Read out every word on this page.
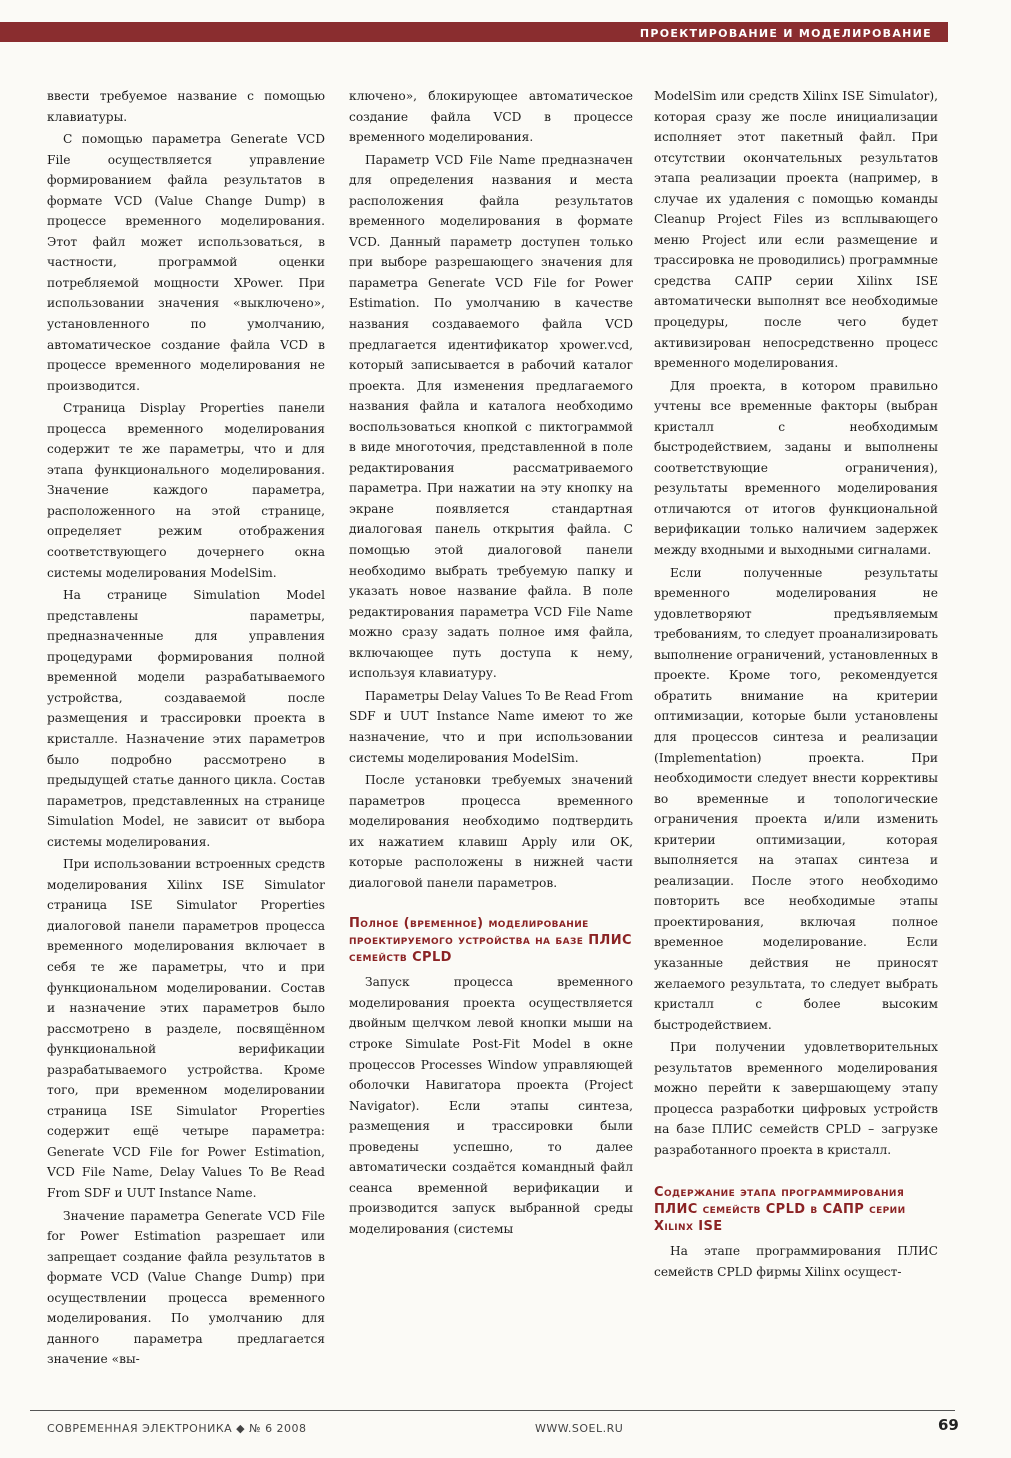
ПРОЕКТИРОВАНИЕ И МОДЕЛИРОВАНИЕ

ввести требуемое название с помощью клавиатуры.

С помощью параметра Generate VCD File осуществляется управление формированием файла результатов в формате VCD (Value Change Dump) в процессе временного моделирования. Этот файл может использоваться, в частности, программой оценки потребляемой мощности XPower. При использовании значения «выключено», установленного по умолчанию, автоматическое создание файла VCD в процессе временного моделирования не производится.

Страница Display Properties панели процесса временного моделирования содержит те же параметры, что и для этапа функционального моделирования. Значение каждого параметра, расположенного на этой странице, определяет режим отображения соответствующего дочернего окна системы моделирования ModelSim.

На странице Simulation Model представлены параметры, предназначенные для управления процедурами формирования полной временной модели разрабатываемого устройства, создаваемой после размещения и трассировки проекта в кристалле. Назначение этих параметров было подробно рассмотрено в предыдущей статье данного цикла. Состав параметров, представленных на странице Simulation Model, не зависит от выбора системы моделирования.

При использовании встроенных средств моделирования Xilinx ISE Simulator страница ISE Simulator Properties диалоговой панели параметров процесса временного моделирования включает в себя те же параметры, что и при функциональном моделировании. Состав и назначение этих параметров было рассмотрено в разделе, посвящённом функциональной верификации разрабатываемого устройства. Кроме того, при временном моделировании страница ISE Simulator Properties содержит ещё четыре параметра: Generate VCD File for Power Estimation, VCD File Name, Delay Values To Be Read From SDF и UUT Instance Name.

Значение параметра Generate VCD File for Power Estimation разрешает или запрещает создание файла результатов в формате VCD (Value Change Dump) при осуществлении процесса временного моделирования. По умолчанию для данного параметра предлагается значение «вы-

ключено», блокирующее автоматическое создание файла VCD в процессе временного моделирования.

Параметр VCD File Name предназначен для определения названия и места расположения файла результатов временного моделирования в формате VCD. Данный параметр доступен только при выборе разрешающего значения для параметра Generate VCD File for Power Estimation. По умолчанию в качестве названия создаваемого файла VCD предлагается идентификатор xpower.vcd, который записывается в рабочий каталог проекта. Для изменения предлагаемого названия файла и каталога необходимо воспользоваться кнопкой с пиктограммой в виде многоточия, представленной в поле редактирования рассматриваемого параметра. При нажатии на эту кнопку на экране появляется стандартная диалоговая панель открытия файла. С помощью этой диалоговой панели необходимо выбрать требуемую папку и указать новое название файла. В поле редактирования параметра VCD File Name можно сразу задать полное имя файла, включающее путь доступа к нему, используя клавиатуру.

Параметры Delay Values To Be Read From SDF и UUT Instance Name имеют то же назначение, что и при использовании системы моделирования ModelSim.

После установки требуемых значений параметров процесса временного моделирования необходимо подтвердить их нажатием клавиш Apply или OK, которые расположены в нижней части диалоговой панели параметров.

Полное (временное) моделирование проектируемого устройства на базе ПЛИС семейств CPLD

Запуск процесса временного моделирования проекта осуществляется двойным щелчком левой кнопки мыши на строке Simulate Post-Fit Model в окне процессов Processes Window управляющей оболочки Навигатора проекта (Project Navigator). Если этапы синтеза, размещения и трассировки были проведены успешно, то далее автоматически создаётся командный файл сеанса временной верификации и производится запуск выбранной среды моделирования (системы

ModelSim или средств Xilinx ISE Simulator), которая сразу же после инициализации исполняет этот пакетный файл. При отсутствии окончательных результатов этапа реализации проекта (например, в случае их удаления с помощью команды Cleanup Project Files из всплывающего меню Project или если размещение и трассировка не проводились) программные средства САПР серии Xilinx ISE автоматически выполнят все необходимые процедуры, после чего будет активизирован непосредственно процесс временного моделирования.

Для проекта, в котором правильно учтены все временные факторы (выбран кристалл с необходимым быстродействием, заданы и выполнены соответствующие ограничения), результаты временного моделирования отличаются от итогов функциональной верификации только наличием задержек между входными и выходными сигналами.

Если полученные результаты временного моделирования не удовлетворяют предъявляемым требованиям, то следует проанализировать выполнение ограничений, установленных в проекте. Кроме того, рекомендуется обратить внимание на критерии оптимизации, которые были установлены для процессов синтеза и реализации (Implementation) проекта. При необходимости следует внести коррективы во временные и топологические ограничения проекта и/или изменить критерии оптимизации, которая выполняется на этапах синтеза и реализации. После этого необходимо повторить все необходимые этапы проектирования, включая полное временное моделирование. Если указанные действия не приносят желаемого результата, то следует выбрать кристалл с более высоким быстродействием.

При получении удовлетворительных результатов временного моделирования можно перейти к завершающему этапу процесса разработки цифровых устройств на базе ПЛИС семейств CPLD – загрузке разработанного проекта в кристалл.

Содержание этапа программирования ПЛИС семейств CPLD в САПР серии Xilinx ISE

На этапе программирования ПЛИС семейств CPLD фирмы Xilinx осущест-

СОВРЕМЕННАЯ ЭЛЕКТРОНИКА ◆ № 6 2008	WWW.SOEL.RU	69
